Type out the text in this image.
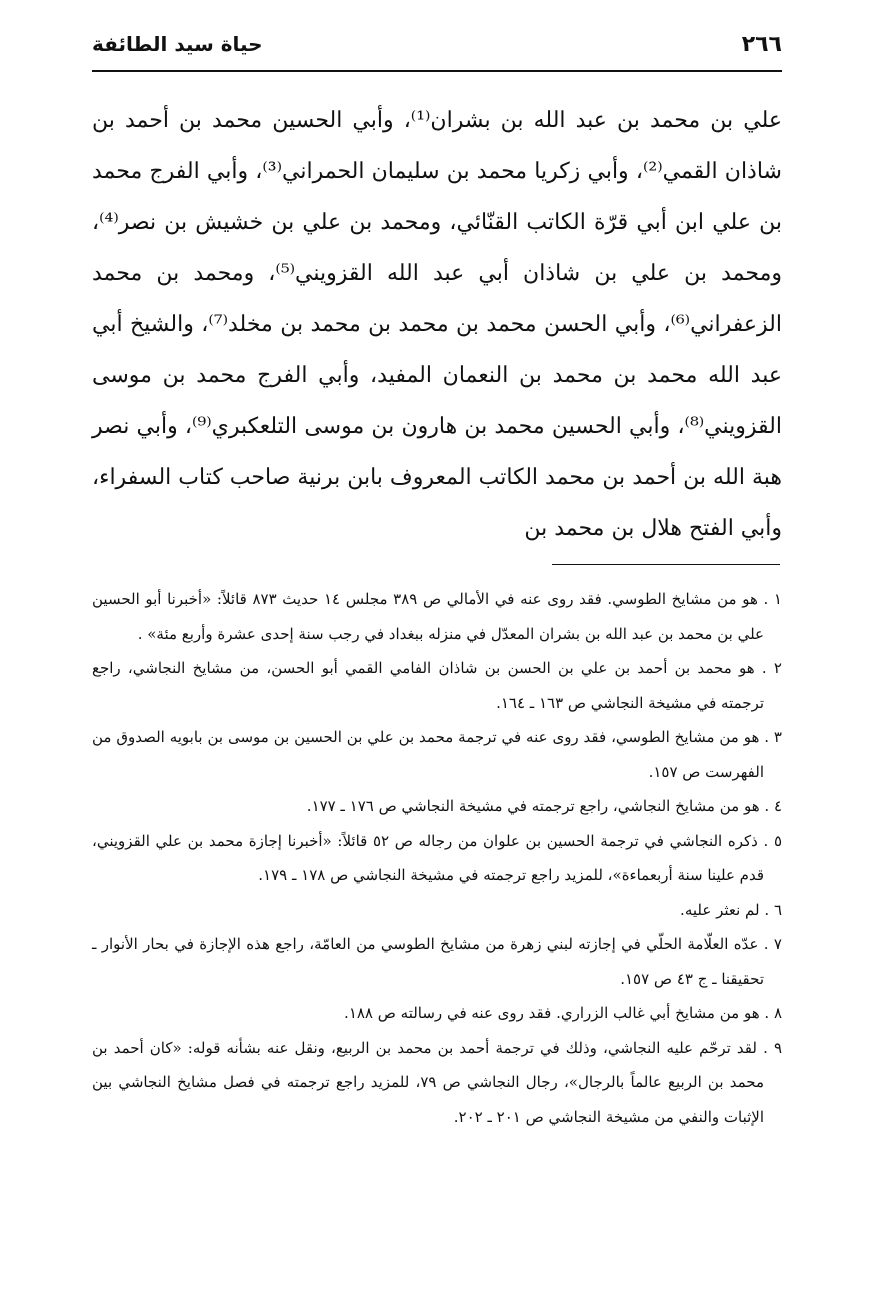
٢٦٦
حياة سيد الطائفة

علي بن محمد بن عبد الله بن بشران⁽¹⁾، وأبي الحسين محمد بن أحمد بن شاذان القمي⁽²⁾، وأبي زكريا محمد بن سليمان الحمراني⁽³⁾، وأبي الفرج محمد بن علي ابن أبي قرّة الكاتب القنّائي، ومحمد بن علي بن خشيش بن نصر⁽⁴⁾، ومحمد بن علي بن شاذان أبي عبد الله القزويني⁽⁵⁾، ومحمد بن محمد الزعفراني⁽⁶⁾، وأبي الحسن محمد بن محمد بن محمد بن مخلد⁽⁷⁾، والشيخ أبي عبد الله محمد بن محمد بن النعمان المفيد، وأبي الفرج محمد بن موسى القزويني⁽⁸⁾، وأبي الحسين محمد بن هارون بن موسى التلعكبري⁽⁹⁾، وأبي نصر هبة الله بن أحمد بن محمد الكاتب المعروف بابن برنية صاحب كتاب السفراء، وأبي الفتح هلال بن محمد بن

١ . هو من مشايخ الطوسي. فقد روى عنه في الأمالي ص ٣٨٩ مجلس ١٤ حديث ٨٧٣ قائلاً: «أخبرنا أبو الحسين علي بن محمد بن عبد الله بن بشران المعدّل في منزله ببغداد في رجب سنة إحدى عشرة وأربع مئة» .
٢ . هو محمد بن أحمد بن علي بن الحسن بن شاذان الفامي القمي أبو الحسن، من مشايخ النجاشي، راجع ترجمته في مشيخة النجاشي ص ١٦٣ ـ ١٦٤.
٣ . هو من مشايخ الطوسي، فقد روى عنه في ترجمة محمد بن علي بن الحسين بن موسى بن بابويه الصدوق من الفهرست ص ١٥٧.
٤ . هو من مشايخ النجاشي، راجع ترجمته في مشيخة النجاشي ص ١٧٦ ـ ١٧٧.
٥ . ذكره النجاشي في ترجمة الحسين بن علوان من رجاله ص ٥٢ قائلاً: «أخبرنا إجازة محمد بن علي القزويني، قدم علينا سنة أربعماءة»، للمزيد راجع ترجمته في مشيخة النجاشي ص ١٧٨ ـ ١٧٩.
٦ . لم نعثر عليه.
٧ . عدّه العلّامة الحلّي في إجازته لبني زهرة من مشايخ الطوسي من العامّة، راجع هذه الإجازة في بحار الأنوار ـ تحقيقنا ـ ج ٤٣ ص ١٥٧.
٨ . هو من مشايخ أبي غالب الزراري. فقد روى عنه في رسالته ص ١٨٨.
٩ . لقد ترحّم عليه النجاشي، وذلك في ترجمة أحمد بن محمد بن الربيع، ونقل عنه بشأنه قوله: «كان أحمد بن محمد بن الربيع عالماً بالرجال»، رجال النجاشي ص ٧٩، للمزيد راجع ترجمته في فصل مشايخ النجاشي بين الإثبات والنفي من مشيخة النجاشي ص ٢٠١ ـ ٢٠٢.
